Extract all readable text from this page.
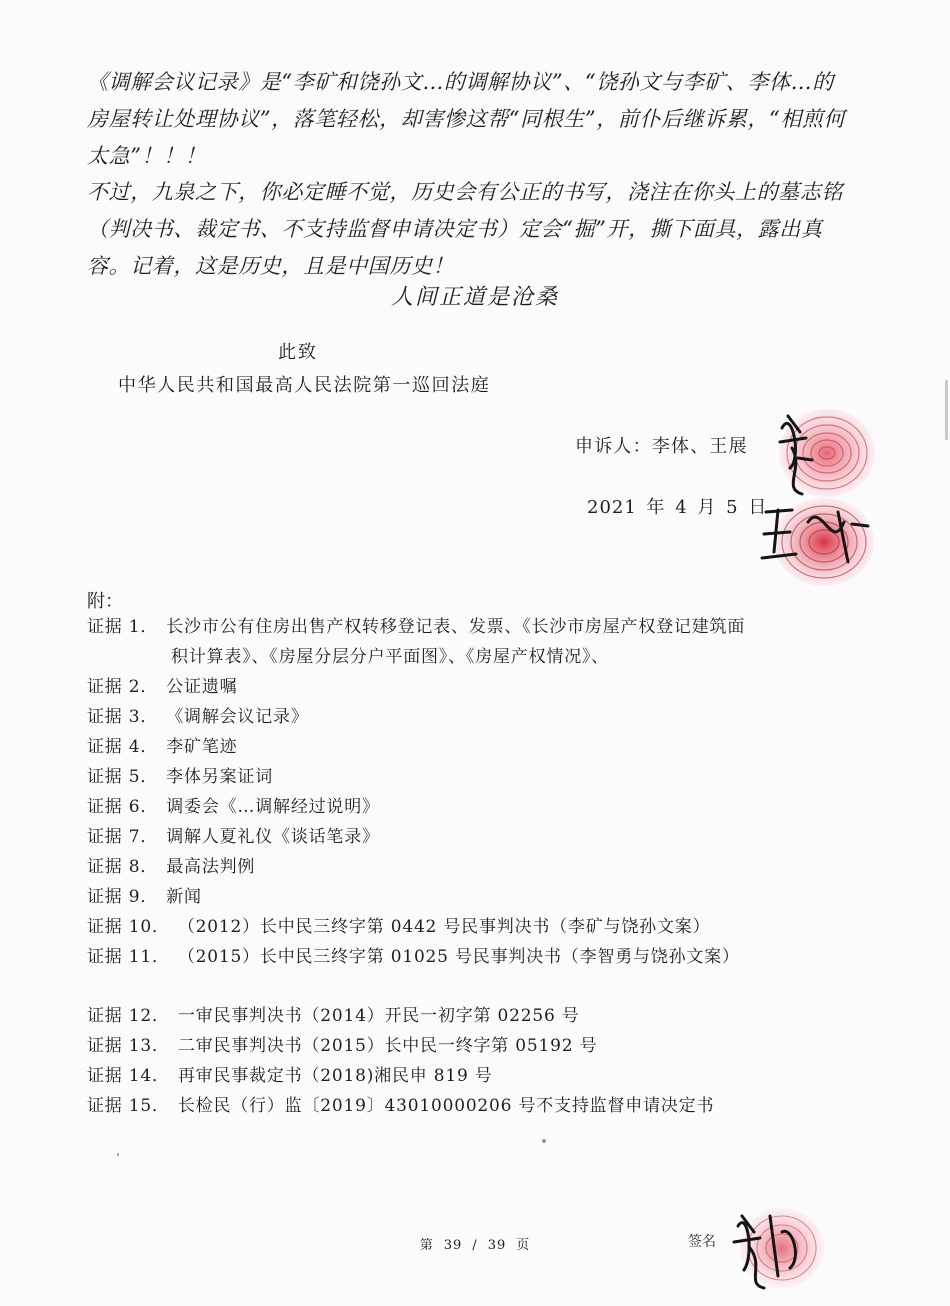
《调解会议记录》是“李矿和饶孙文…的调解协议”、“饶孙文与李矿、李体…的房屋转让处理协议”，落笔轻松，却害惨这帮“同根生”，前仆后继诉累，“相煎何太急”！！！
不过，九泉之下，你必定睡不觉，历史会有公正的书写，浇注在你头上的墓志铭（判决书、裁定书、不支持监督申请决定书）定会“掘”开，撕下面具，露出真容。记着，这是历史，且是中国历史！
人间正道是沧桑
此致
中华人民共和国最高人民法院第一巡回法庭
申诉人：李体、王展
2021 年 4 月 5 日
附：
证据 1． 长沙市公有住房出售产权转移登记表、发票、《长沙市房屋产权登记建筑面
积计算表》、《房屋分层分户平面图》、《房屋产权情况》、
证据 2． 公证遗嘱
证据 3． 《调解会议记录》
证据 4． 李矿笔迹
证据 5． 李体另案证词
证据 6． 调委会《…调解经过说明》
证据 7． 调解人夏礼仪《谈话笔录》
证据 8． 最高法判例
证据 9． 新闻
证据 10． （2012）长中民三终字第 0442 号民事判决书（李矿与饶孙文案）
证据 11． （2015）长中民三终字第 01025 号民事判决书（李智勇与饶孙文案）
证据 12． 一审民事判决书（2014）开民一初字第 02256 号
证据 13． 二审民事判决书（2015）长中民一终字第 05192 号
证据 14． 再审民事裁定书（2018)湘民申 819 号
证据 15． 长检民（行）监〔2019〕43010000206 号不支持监督申请决定书
第 39 / 39 页	签名
